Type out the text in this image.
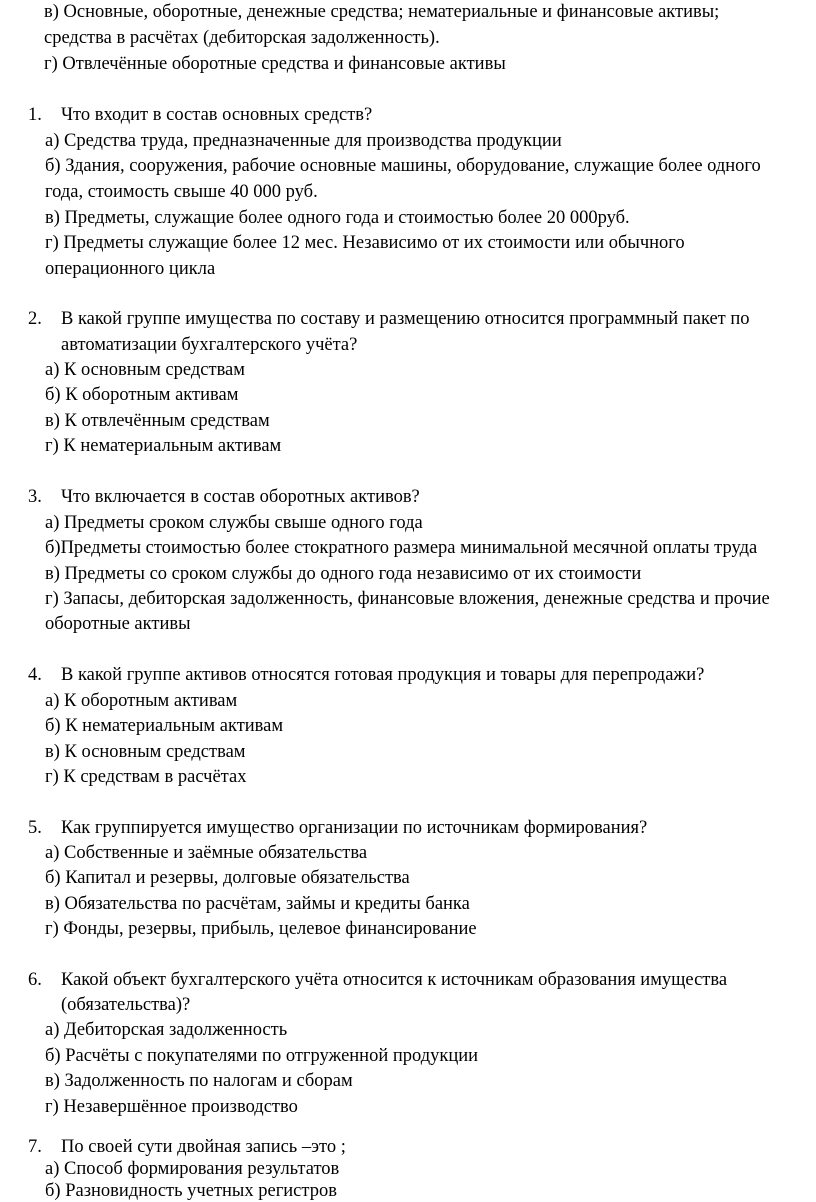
в) Основные, оборотные, денежные средства; нематериальные и финансовые активы;
средства в расчётах (дебиторская задолженность).
г) Отвлечённые оборотные средства и финансовые активы
1. Что входит в состав основных средств?
а) Средства труда, предназначенные для производства продукции
б) Здания, сооружения, рабочие основные машины, оборудование, служащие более одного
года, стоимость свыше 40 000 руб.
в) Предметы, служащие более одного года и стоимостью более 20 000руб.
г) Предметы служащие более 12 мес. Независимо от их стоимости или обычного
операционного цикла
2. В какой группе имущества по составу и размещению относится программный пакет по
автоматизации бухгалтерского учёта?
а) К основным средствам
б) К оборотным активам
в) К отвлечённым средствам
г) К нематериальным активам
3. Что включается в состав оборотных активов?
а) Предметы сроком службы свыше одного года
б)Предметы стоимостью более стократного размера минимальной месячной оплаты труда
в) Предметы со сроком службы до одного года независимо от их стоимости
г) Запасы, дебиторская задолженность, финансовые вложения, денежные средства и прочие
оборотные активы
4. В какой группе активов относятся готовая продукция и товары для перепродажи?
а) К оборотным активам
б) К нематериальным активам
в) К основным средствам
г) К средствам в расчётах
5. Как группируется имущество организации по источникам формирования?
а) Собственные и заёмные обязательства
б) Капитал и резервы, долговые обязательства
в) Обязательства по расчётам, займы и кредиты банка
г) Фонды, резервы, прибыль, целевое финансирование
6. Какой объект бухгалтерского учёта относится к источникам образования имущества
(обязательства)?
а) Дебиторская задолженность
б) Расчёты с покупателями по отгруженной продукции
в) Задолженность по налогам и сборам
г) Незавершённое производство
7. По своей сути двойная запись –это ;
а) Способ формирования результатов
б) Разновидность учетных регистров
